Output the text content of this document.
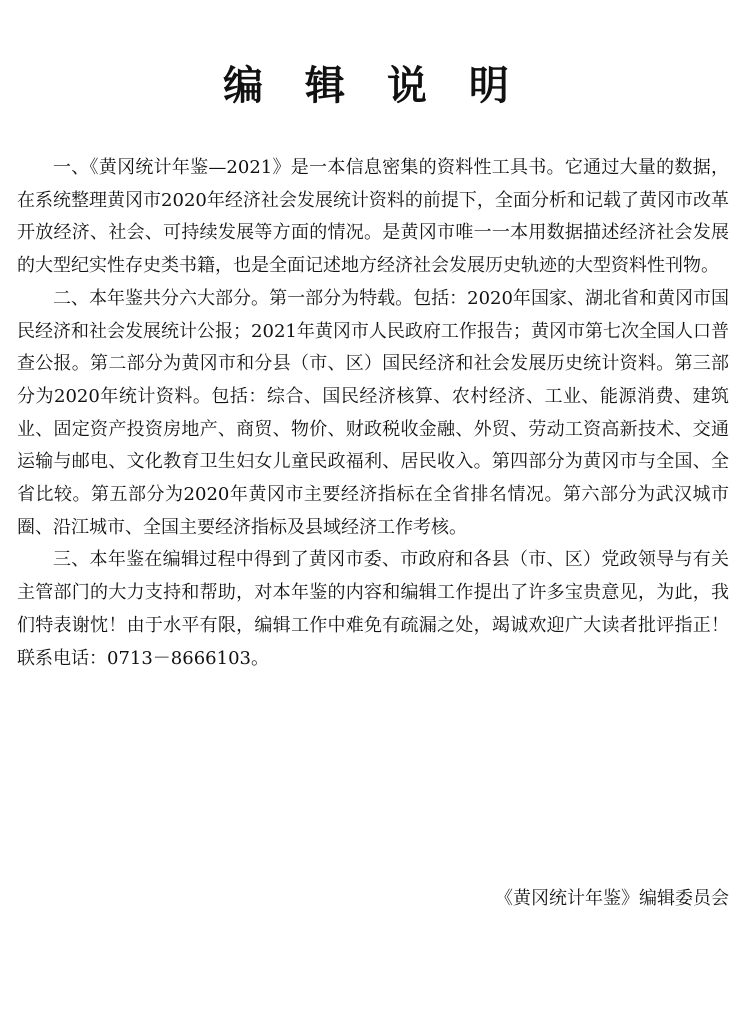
编 辑 说 明

一、《黄冈统计年鉴—2021》是一本信息密集的资料性工具书。它通过大量的数据，在系统整理黄冈市2020年经济社会发展统计资料的前提下，全面分析和记载了黄冈市改革开放经济、社会、可持续发展等方面的情况。是黄冈市唯一一本用数据描述经济社会发展的大型纪实性存史类书籍，也是全面记述地方经济社会发展历史轨迹的大型资料性刊物。

二、本年鉴共分六大部分。第一部分为特载。包括：2020年国家、湖北省和黄冈市国民经济和社会发展统计公报；2021年黄冈市人民政府工作报告；黄冈市第七次全国人口普查公报。第二部分为黄冈市和分县（市、区）国民经济和社会发展历史统计资料。第三部分为2020年统计资料。包括：综合、国民经济核算、农村经济、工业、能源消费、建筑业、固定资产投资房地产、商贸、物价、财政税收金融、外贸、劳动工资高新技术、交通运输与邮电、文化教育卫生妇女儿童民政福利、居民收入。第四部分为黄冈市与全国、全省比较。第五部分为2020年黄冈市主要经济指标在全省排名情况。第六部分为武汉城市圈、沿江城市、全国主要经济指标及县域经济工作考核。

三、本年鉴在编辑过程中得到了黄冈市委、市政府和各县（市、区）党政领导与有关主管部门的大力支持和帮助，对本年鉴的内容和编辑工作提出了许多宝贵意见，为此，我们特表谢忱！由于水平有限，编辑工作中难免有疏漏之处，竭诚欢迎广大读者批评指正！联系电话：0713－8666103。

《黄冈统计年鉴》编辑委员会
